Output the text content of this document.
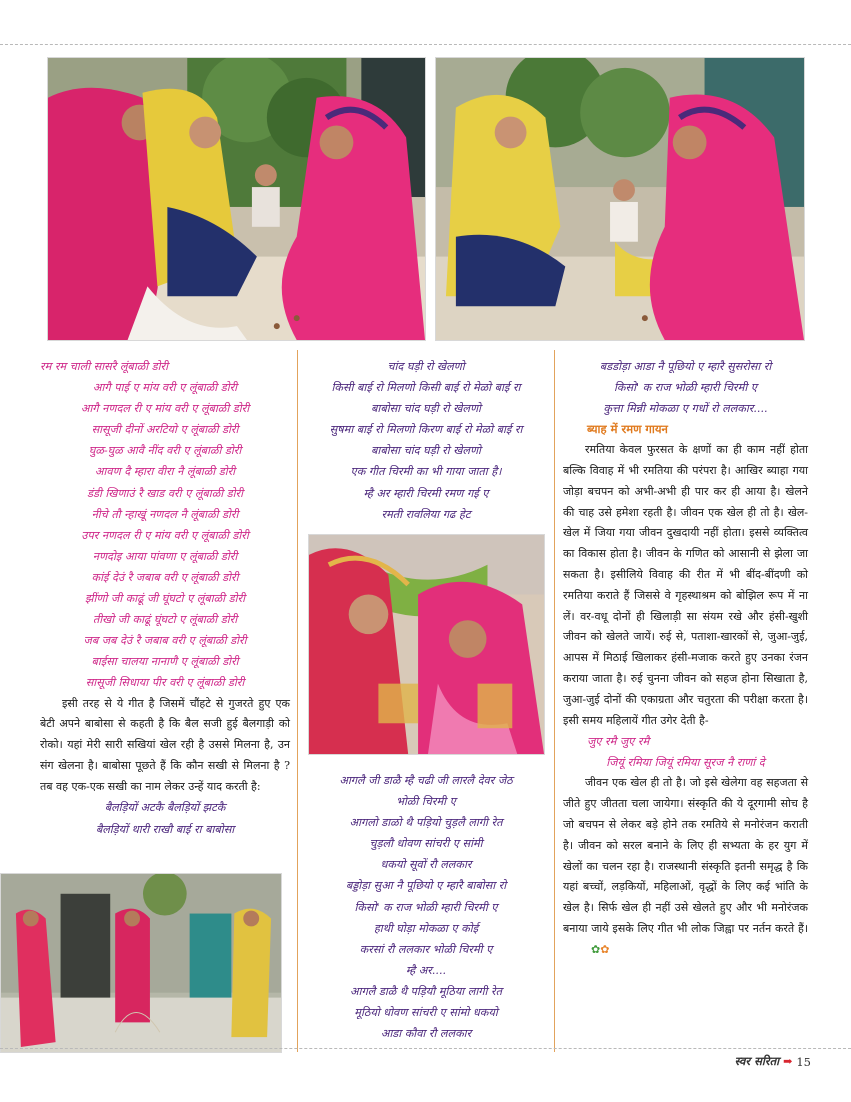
रम रम चाली सासरै लूंबाळी डोरी
आगै पाई ए मांय वरी ए लूंबाळी डोरी
आगै नणदल री ए मांय वरी ए लूंबाळी डोरी
सासूजी दीनों अरटियो ए लूंबाळी डोरी
घुळ-घुळ आवै नींद वरी ए लूंबाळी डोरी
आवण दै म्हारा वीरा नै लूंबाळी डोरी
डंडी खिणाउं रै खाड वरी ए लूंबाळी डोरी
नीचे तौ न्हाखूं नणदल नै लूंबाळी डोरी
उपर नणदल री ए मांय वरी ए लूंबाळी डोरी
नणदोइ आया पांवणा ए लूंबाळी डोरी
कांई देउं रै जबाब वरी ए लूंबाळी डोरी
झींणो जी काढूं जी घूंघटो ए लूंबाळी डोरी
तीखो जी काढूं घूंघटो ए लूंबाळी डोरी
जब जब देउं रै जबाब वरी ए लूंबाळी डोरी
बाईसा चालया नानाणै ए लूंबाळी डोरी
सासूजी सिधाया पीर वरी ए लूंबाळी डोरी

इसी तरह से ये गीत है जिसमें चौंहटे से गुजरते हुए एक बेटी अपने बाबोसा से कहती है कि बैल सजी हुई बैलगाड़ी को रोको। यहां मेरी सारी सखियां खेल रही है उससे मिलना है, उन संग खेलना है। बाबोसा पूछते हैं कि कौन सखी से मिलना है ? तब वह एक-एक सखी का नाम लेकर उन्हें याद करती है:

बैलड़ियों अटकै बैलड़ियों झटकै
बैलड़ियों थारी राखौ बाई रा बाबोसा
चांद घड़ी रो खेलणो
किसी बाई रो मिलणो किसी बाई रो मेळो बाई रा
बाबोसा चांद घड़ी रो खेलणो
सुषमा बाई रो मिलणो किरण बाई रो मेळो बाई रा
बाबोसा चांद घड़ी रो खेलणो
एक गीत चिरमी का भी गाया जाता है।
म्है अर म्हारी चिरमी रमण गई ए
रमती रावलिया गढ हेट
आगलै जी डाळै म्है चढी जी लारलै देवर जेठ
भोळी चिरमी ए
आगलो डाळो थै पड़ियो चुड़लै लागी रेत
चुड़लौ धोवण सांचरी ए सांमी
धकयो सूवों रौ ललकार
बड्डोड़ा सुआ नै पूछियो ए म्हारै बाबोसा रो
किसो' क राज भोळी म्हारी चिरमी ए
हाथी घोड़ा मोकळा ए कोई
करसां रौ ललकार भोळी चिरमी ए
म्है अर....
आगलै डाळै थै पड़ियौ मूठिया लागी रेत
मूठियो धोवण सांचरी ए सांमो धकयो
आडा कौवा रौ ललकार
बडडोड़ा आडा नै पूछियो ए म्हारै सुसरोसा रो
किसो' क राज भोळी म्हारी चिरमी ए
कुत्ता मिन्नी मोकळा ए गधों रो ललकार....
ब्याह में रमण गायन

रमतिया केवल फुरसत के क्षणों का ही काम नहीं होता बल्कि विवाह में भी रमतिया की परंपरा है। आखिर ब्याहा गया जोड़ा बचपन को अभी-अभी ही पार कर ही आया है। खेलने की चाह उसे हमेशा रहती है। जीवन एक खेल ही तो है। खेल-खेल में जिया गया जीवन दुखदायी नहीं होता। इससे व्यक्तित्व का विकास होता है। जीवन के गणित को आसानी से झेला जा सकता है। इसीलिये विवाह की रीत में भी बींद-बींदणी को रमतिया कराते हैं जिससे वे गृहस्थाश्रम को बोझिल रूप में ना लें। वर-वधू दोनों ही खिलाड़ी सा संयम रखे और हंसी-खुशी जीवन को खेलते जायें। रुई से, पताशा-खारकों से, जुआ-जुई, आपस में मिठाई खिलाकर हंसी-मजाक करते हुए उनका रंजन कराया जाता है। रुई चुनना जीवन को सहज होना सिखाता है, जुआ-जुई दोनों की एकाग्रता और चतुरता की परीक्षा करता है। इसी समय महिलायें गीत उगेर देती है-

जुए रमै जुए रमै
जियूं रमिया जियूं रमिया सूरज नै राणां दे

जीवन एक खेल ही तो है। जो इसे खेलेगा वह सहजता से जीते हुए जीतता चला जायेगा। संस्कृति की ये दूरगामी सोच है जो बचपन से लेकर बड़े होने तक रमतिये से मनोरंजन कराती है। जीवन को सरल बनाने के लिए ही सभ्यता के हर युग में खेलों का चलन रहा है। राजस्थानी संस्कृति इतनी समृद्ध है कि यहां बच्चों, लड़कियों, महिलाओं, वृद्धों के लिए कई भांति के खेल है। सिर्फ खेल ही नहीं उसे खेलते हुए और भी मनोरंजक बनाया जाये इसके लिए गीत भी लोक जिह्वा पर नर्तन करते हैं।✿✿

स्वर सरिता ➡ 15
